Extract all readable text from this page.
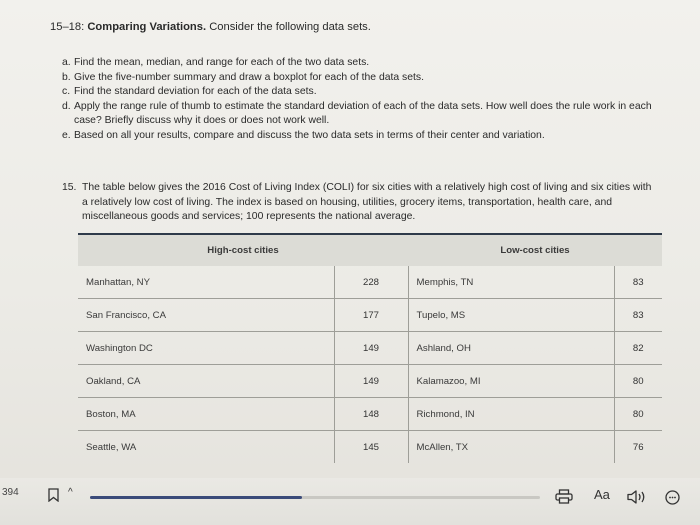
15–18: Comparing Variations. Consider the following data sets.
a. Find the mean, median, and range for each of the two data sets.
b. Give the five-number summary and draw a boxplot for each of the data sets.
c. Find the standard deviation for each of the data sets.
d. Apply the range rule of thumb to estimate the standard deviation of each of the data sets. How well does the rule work in each case? Briefly discuss why it does or does not work well.
e. Based on all your results, compare and discuss the two data sets in terms of their center and variation.
15. The table below gives the 2016 Cost of Living Index (COLI) for six cities with a relatively high cost of living and six cities with a relatively low cost of living. The index is based on housing, utilities, grocery items, transportation, health care, and miscellaneous goods and services; 100 represents the national average.
High-cost cities		Low-cost cities	
Manhattan, NY	228	Memphis, TN	83
San Francisco, CA	177	Tupelo, MS	83
Washington DC	149	Ashland, OH	82
Oakland, CA	149	Kalamazoo, MI	80
Boston, MA	148	Richmond, IN	80
Seattle, WA	145	McAllen, TX	76
394	^	Aa
